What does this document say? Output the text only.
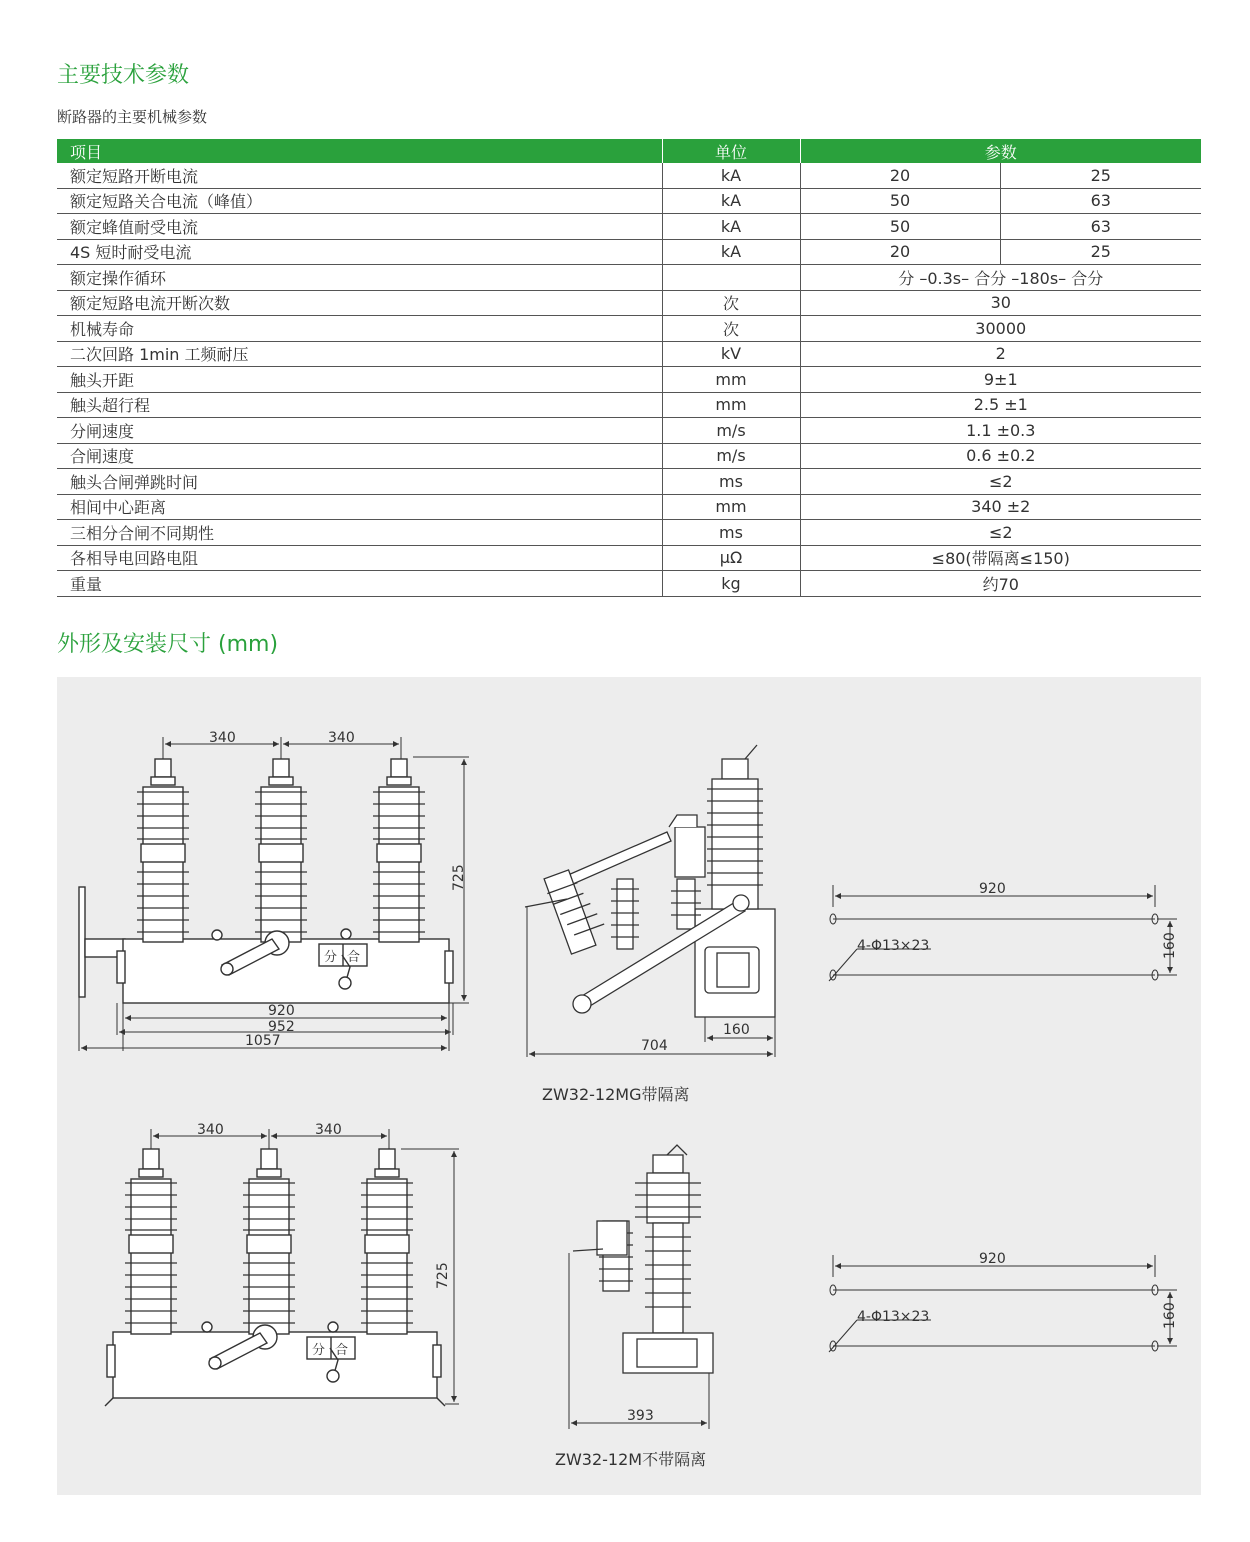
主要技术参数
断路器的主要机械参数
项目	单位	参数	
额定短路开断电流	kA	20	25
额定短路关合电流（峰值）	kA	50	63
额定蜂值耐受电流	kA	50	63
4S 短时耐受电流	kA	20	25
额定操作循环		分 –0.3s– 合分 –180s– 合分	
额定短路电流开断次数	次	30	
机械寿命	次	30000	
二次回路 1min 工频耐压	kV	2	
触头开距	mm	9±1	
触头超行程	mm	2.5 ±1	
分闸速度	m/s	1.1 ±0.3	
合闸速度	m/s	0.6 ±0.2	
触头合闸弹跳时间	ms	≤2	
相间中心距离	mm	340 ±2	
三相分合闸不同期性	ms	≤2	
各相导电回路电阻	μΩ	≤80(带隔离≤150)	
重量	kg	约70	
外形及安装尺寸 (mm)
分 合
340	340
725
920
952
1057	704
160
920
4-Φ13×23	160
分 合
340	340
725
393
920
4-Φ13×23	160
ZW32-12MG带隔离
ZW32-12M不带隔离
